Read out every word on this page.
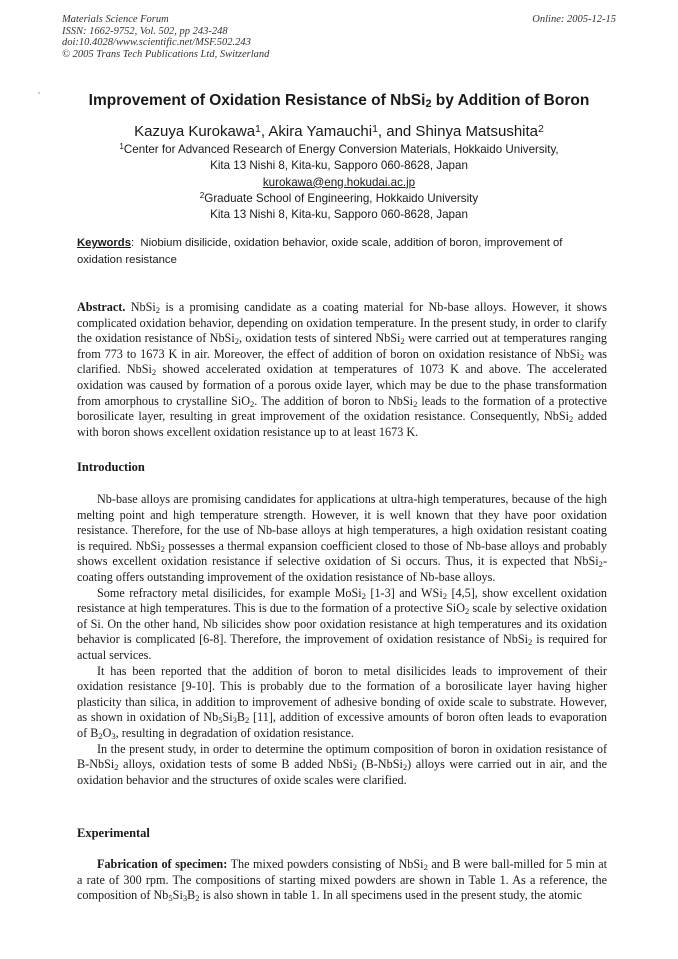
Materials Science Forum
ISSN: 1662-9752, Vol. 502, pp 243-248
doi:10.4028/www.scientific.net/MSF.502.243
© 2005 Trans Tech Publications Ltd, Switzerland
Online: 2005-12-15
Improvement of Oxidation Resistance of NbSi$_2$ by Addition of Boron
Kazuya Kurokawa$^1$, Akira Yamauchi$^1$, and Shinya Matsushita$^2$
$^1$Center for Advanced Research of Energy Conversion Materials, Hokkaido University,
Kita 13 Nishi 8, Kita-ku, Sapporo 060-8628, Japan
kurokawa@eng.hokudai.ac.jp
$^2$Graduate School of Engineering, Hokkaido University
Kita 13 Nishi 8, Kita-ku, Sapporo 060-8628, Japan
Keywords: Niobium disilicide, oxidation behavior, oxide scale, addition of boron, improvement of oxidation resistance
Abstract. NbSi$_2$ is a promising candidate as a coating material for Nb-base alloys. However, it shows complicated oxidation behavior, depending on oxidation temperature. In the present study, in order to clarify the oxidation resistance of NbSi$_2$, oxidation tests of sintered NbSi$_2$ were carried out at temperatures ranging from 773 to 1673 K in air. Moreover, the effect of addition of boron on oxidation resistance of NbSi$_2$ was clarified. NbSi$_2$ showed accelerated oxidation at temperatures of 1073 K and above. The accelerated oxidation was caused by formation of a porous oxide layer, which may be due to the phase transformation from amorphous to crystalline SiO$_2$. The addition of boron to NbSi$_2$ leads to the formation of a protective borosilicate layer, resulting in great improvement of the oxidation resistance. Consequently, NbSi$_2$ added with boron shows excellent oxidation resistance up to at least 1673 K.
Introduction

Nb-base alloys are promising candidates for applications at ultra-high temperatures, because of the high melting point and high temperature strength. However, it is well known that they have poor oxidation resistance. Therefore, for the use of Nb-base alloys at high temperatures, a high oxidation resistant coating is required. NbSi$_2$ possesses a thermal expansion coefficient closed to those of Nb-base alloys and probably shows excellent oxidation resistance if selective oxidation of Si occurs. Thus, it is expected that NbSi$_2$-coating offers outstanding improvement of the oxidation resistance of Nb-base alloys.

Some refractory metal disilicides, for example MoSi$_2$ [1-3] and WSi$_2$ [4,5], show excellent oxidation resistance at high temperatures. This is due to the formation of a protective SiO$_2$ scale by selective oxidation of Si. On the other hand, Nb silicides show poor oxidation resistance at high temperatures and its oxidation behavior is complicated [6-8]. Therefore, the improvement of oxidation resistance of NbSi$_2$ is required for actual services.

It has been reported that the addition of boron to metal disilicides leads to improvement of their oxidation resistance [9-10]. This is probably due to the formation of a borosilicate layer having higher plasticity than silica, in addition to improvement of adhesive bonding of oxide scale to substrate. However, as shown in oxidation of $Nb_5Si_3B_2$ [11], addition of excessive amounts of boron often leads to evaporation of $B_2O_3$, resulting in degradation of oxidation resistance.

In the present study, in order to determine the optimum composition of boron in oxidation resistance of B-NbSi$_2$ alloys, oxidation tests of some B added NbSi$_2$ (B-NbSi$_2$) alloys were carried out in air, and the oxidation behavior and the structures of oxide scales were clarified.

Experimental

Fabrication of specimen: The mixed powders consisting of NbSi$_2$ and B were ball-milled for 5 min at a rate of 300 rpm. The compositions of starting mixed powders are shown in Table 1. As a reference, the composition of $Nb_5Si_3B_2$ is also shown in table 1. In all specimens used in the present study, the atomic
